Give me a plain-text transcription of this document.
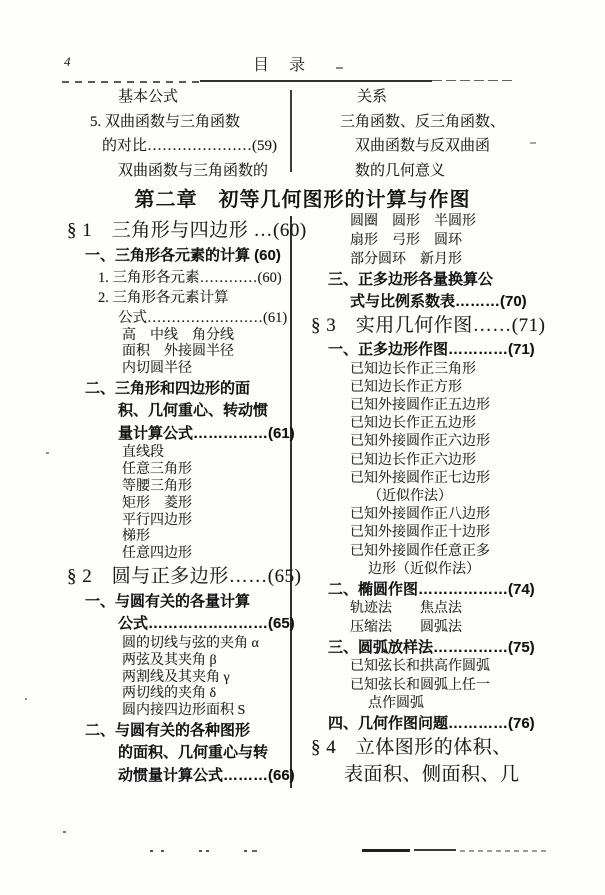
4	目　录
基本公式
5. 双曲函数与三角函数
的对比…………………(59)
双曲函数与三角函数的
关系
三角函数、反三角函数、
双曲函数与反双曲函
数的几何意义
第二章　初等几何图形的计算与作图
§ 1　三角形与四边形 …(60)
一、三角形各元素的计算 (60)
1. 三角形各元素…………(60)
2. 三角形各元素计算
公式……………………(61)
高　中线　角分线
面积　外接圆半径
内切圆半径
二、三角形和四边形的面
积、几何重心、转动惯
量计算公式……………(61)
直线段
任意三角形
等腰三角形
矩形　菱形
平行四边形
梯形
任意四边形
§ 2　圆与正多边形……(65)
一、与圆有关的各量计算
公式……………………(65)
圆的切线与弦的夹角 α
两弦及其夹角 β
两割线及其夹角 γ
两切线的夹角 δ
圆内接四边形面积 S
二、与圆有关的各种图形
的面积、几何重心与转
动惯量计算公式………(66)
圆圈　圆形　半圆形
扇形　弓形　圆环
部分圆环　新月形
三、正多边形各量换算公
式与比例系数表………(70)
§ 3　实用几何作图……(71)
一、正多边形作图…………(71)
已知边长作正三角形
已知边长作正方形
已知外接圆作正五边形
已知边长作正五边形
已知外接圆作正六边形
已知边长作正六边形
已知外接圆作正七边形
（近似作法）
已知外接圆作正八边形
已知外接圆作正十边形
已知外接圆作任意正多
边形（近似作法）
二、椭圆作图………………(74)
轨迹法　　焦点法
压缩法　　圆弧法
三、圆弧放样法……………(75)
已知弦长和拱高作圆弧
已知弦长和圆弧上任一
点作圆弧
四、几何作图问题…………(76)
§ 4　立体图形的体积、
表面积、侧面积、几
